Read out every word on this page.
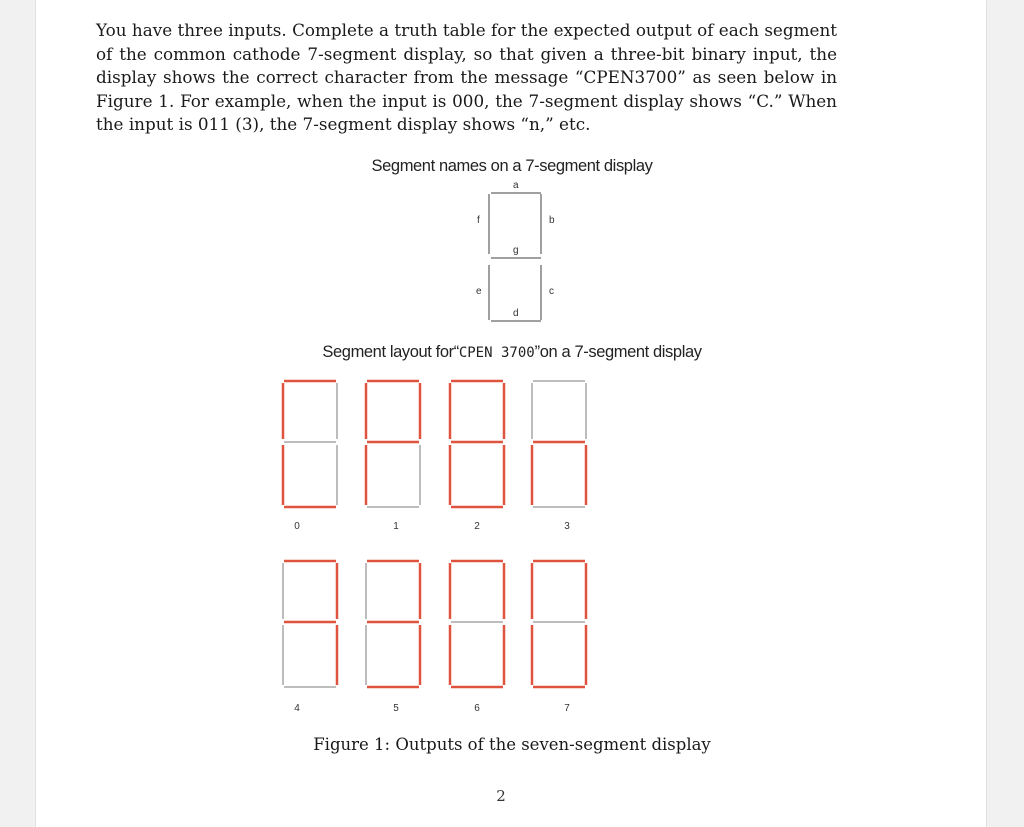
You have three inputs. Complete a truth table for the expected output of each segment of the common cathode 7-segment display, so that given a three-bit binary input, the display shows the correct character from the message “CPEN3700” as seen below in Figure 1. For example, when the input is 000, the 7-segment display shows “C.” When the input is 011 (3), the 7-segment display shows “n,” etc.

Segment names on a 7-segment display
a
b
c
d
e
f
g
Segment layout for“CPEN 3700”on a 7-segment display
0	1	2	3
4	5	6	7
Figure 1: Outputs of the seven-segment display
2
